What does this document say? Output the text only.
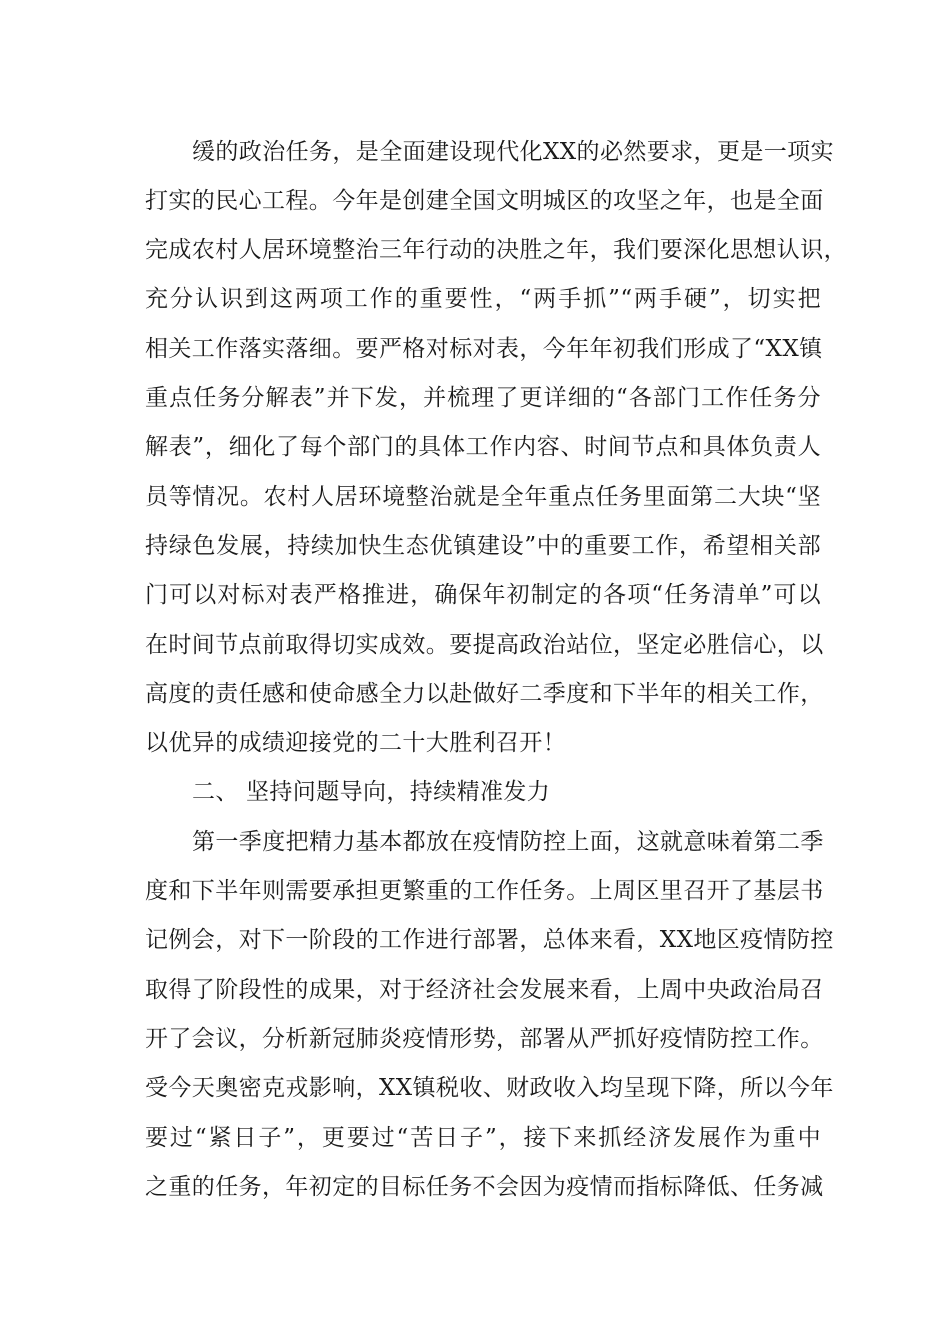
缓的政治任务，是全面建设现代化XX的必然要求，更是一项实
打实的民心工程。今年是创建全国文明城区的攻坚之年，也是全面
完成农村人居环境整治三年行动的决胜之年，我们要深化思想认识，
充分认识到这两项工作的重要性，“两手抓”“两手硬”，切实把
相关工作落实落细。要严格对标对表，今年年初我们形成了“XX镇
重点任务分解表”并下发，并梳理了更详细的“各部门工作任务分
解表”，细化了每个部门的具体工作内容、时间节点和具体负责人
员等情况。农村人居环境整治就是全年重点任务里面第二大块“坚
持绿色发展，持续加快生态优镇建设”中的重要工作，希望相关部
门可以对标对表严格推进，确保年初制定的各项“任务清单”可以
在时间节点前取得切实成效。要提高政治站位，坚定必胜信心，以
高度的责任感和使命感全力以赴做好二季度和下半年的相关工作，
以优异的成绩迎接党的二十大胜利召开！
二、 坚持问题导向，持续精准发力
第一季度把精力基本都放在疫情防控上面，这就意味着第二季
度和下半年则需要承担更繁重的工作任务。上周区里召开了基层书
记例会，对下一阶段的工作进行部署，总体来看，XX地区疫情防控
取得了阶段性的成果，对于经济社会发展来看，上周中央政治局召
开了会议，分析新冠肺炎疫情形势，部署从严抓好疫情防控工作。
受今天奥密克戎影响，XX镇税收、财政收入均呈现下降，所以今年
要过“紧日子”，更要过“苦日子”，接下来抓经济发展作为重中
之重的任务，年初定的目标任务不会因为疫情而指标降低、任务减
